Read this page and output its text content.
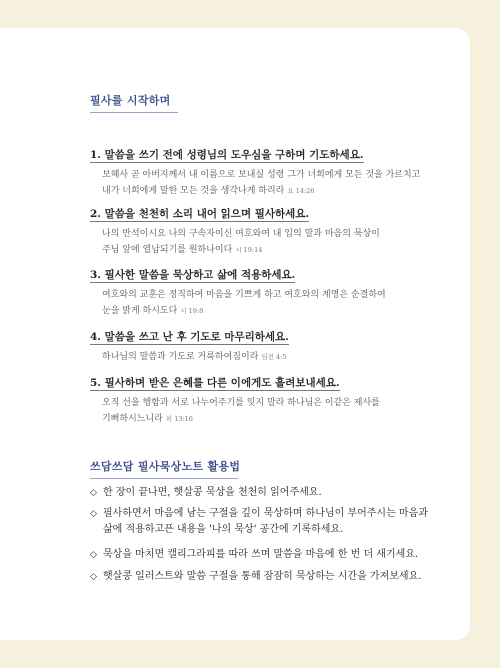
필사를 시작하며
1. 말씀을 쓰기 전에 성령님의 도우심을 구하며 기도하세요.
보혜사 곧 아버지께서 내 이름으로 보내실 성령 그가 너희에게 모든 것을 가르치고
내가 너희에게 말한 모든 것을 생각나게 하리라 요 14:26
2. 말씀을 천천히 소리 내어 읽으며 필사하세요.
나의 반석이시요 나의 구속자이신 여호와여 내 입의 말과 마음의 묵상이
주님 앞에 열납되기를 원하나이다 시 19:14
3. 필사한 말씀을 묵상하고 삶에 적용하세요.
여호와의 교훈은 정직하여 마음을 기쁘게 하고 여호와의 계명은 순결하여
눈을 밝게 하시도다 시 19:8
4. 말씀을 쓰고 난 후 기도로 마무리하세요.
하나님의 말씀과 기도로 거룩하여짐이라 딤전 4:5
5. 필사하며 받은 은혜를 다른 이에게도 흘려보내세요.
오직 선을 행함과 서로 나누어주기를 잊지 말라 하나님은 이같은 제사를
기뻐하시느니라 히 13:16
쓰담쓰담 필사묵상노트 활용법
◇ 한 장이 끝나면, 햇살콩 묵상을 천천히 읽어주세요.
◇ 필사하면서 마음에 남는 구절을 깊이 묵상하며 하나님이 부어주시는 마음과
삶에 적용하고픈 내용을 '나의 묵상' 공간에 기록하세요.
◇ 묵상을 마치면 캘리그라피를 따라 쓰며 말씀을 마음에 한 번 더 새기세요.
◇ 햇살콩 일러스트와 말씀 구절을 통해 잠잠히 묵상하는 시간을 가져보세요.
